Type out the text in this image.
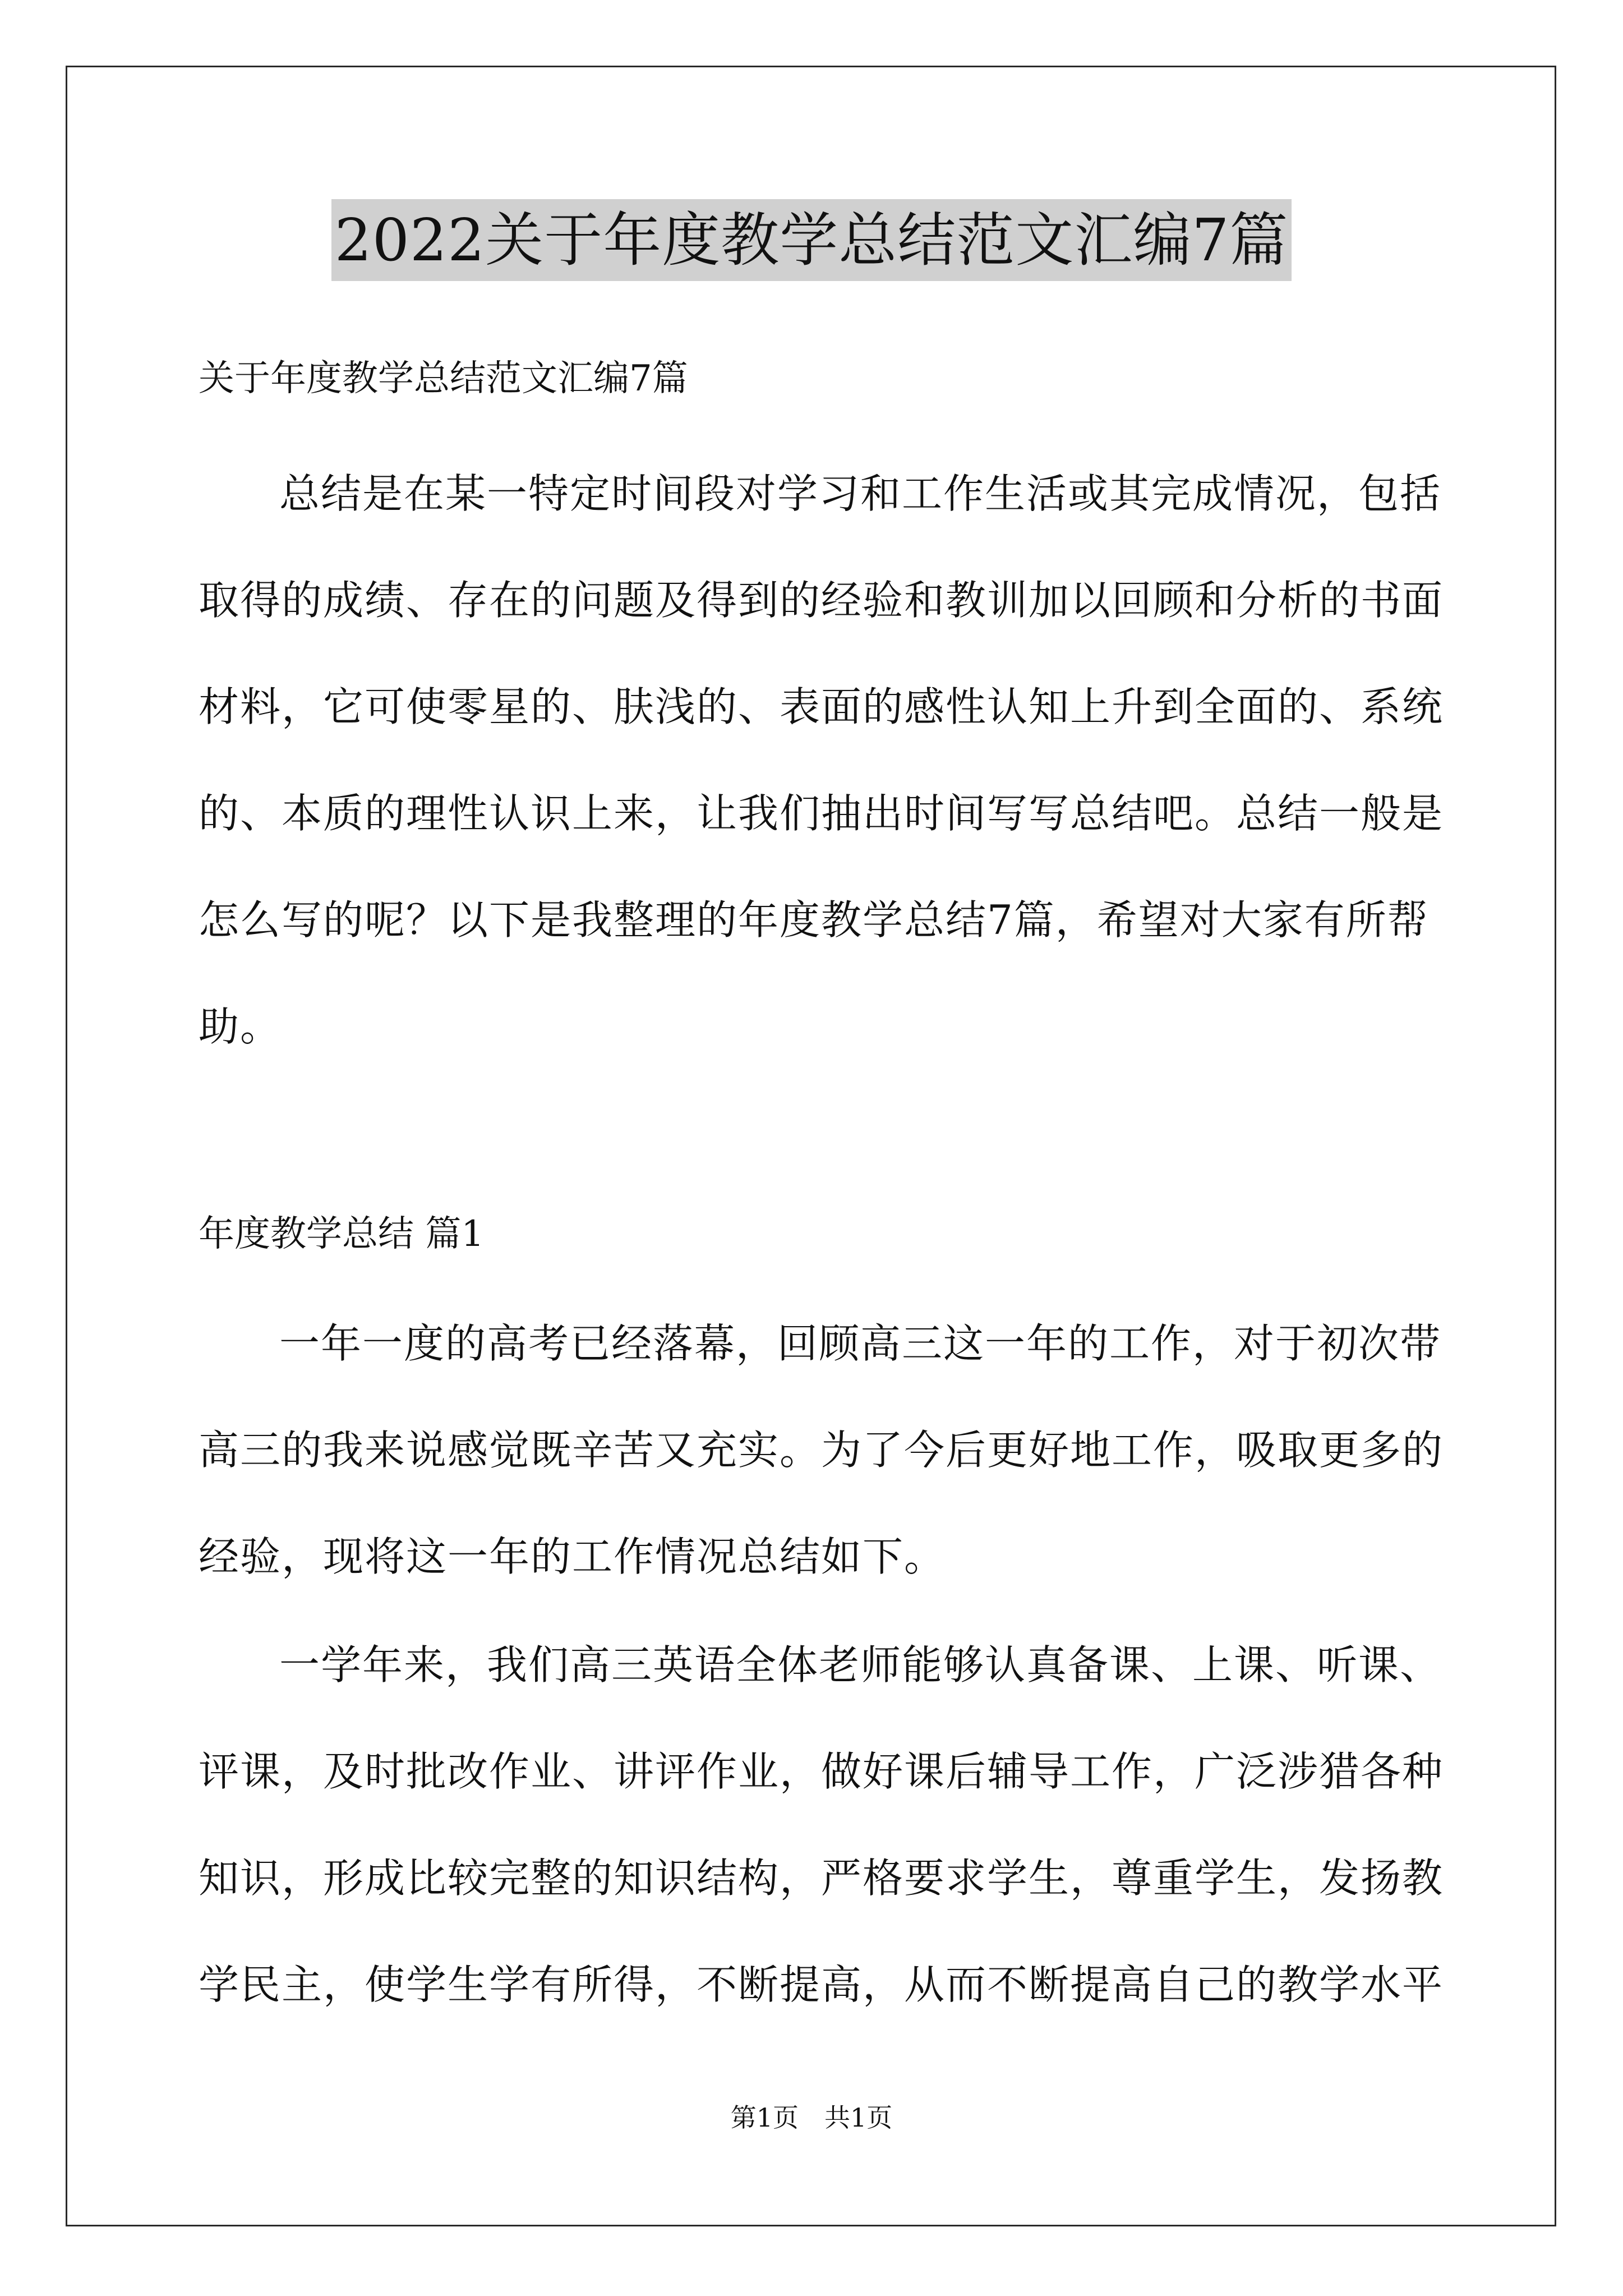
2022关于年度教学总结范文汇编7篇
关于年度教学总结范文汇编7篇
总结是在某一特定时间段对学习和工作生活或其完成情况，包括
取得的成绩、存在的问题及得到的经验和教训加以回顾和分析的书面
材料，它可使零星的、肤浅的、表面的感性认知上升到全面的、系统
的、本质的理性认识上来，让我们抽出时间写写总结吧。总结一般是
怎么写的呢？以下是我整理的年度教学总结7篇，希望对大家有所帮
助。
年度教学总结 篇1
一年一度的高考已经落幕，回顾高三这一年的工作，对于初次带
高三的我来说感觉既辛苦又充实。为了今后更好地工作，吸取更多的
经验，现将这一年的工作情况总结如下。
一学年来，我们高三英语全体老师能够认真备课、上课、听课、
评课，及时批改作业、讲评作业，做好课后辅导工作，广泛涉猎各种
知识，形成比较完整的知识结构，严格要求学生，尊重学生，发扬教
学民主，使学生学有所得，不断提高，从而不断提高自己的教学水平
第1页　共1页
